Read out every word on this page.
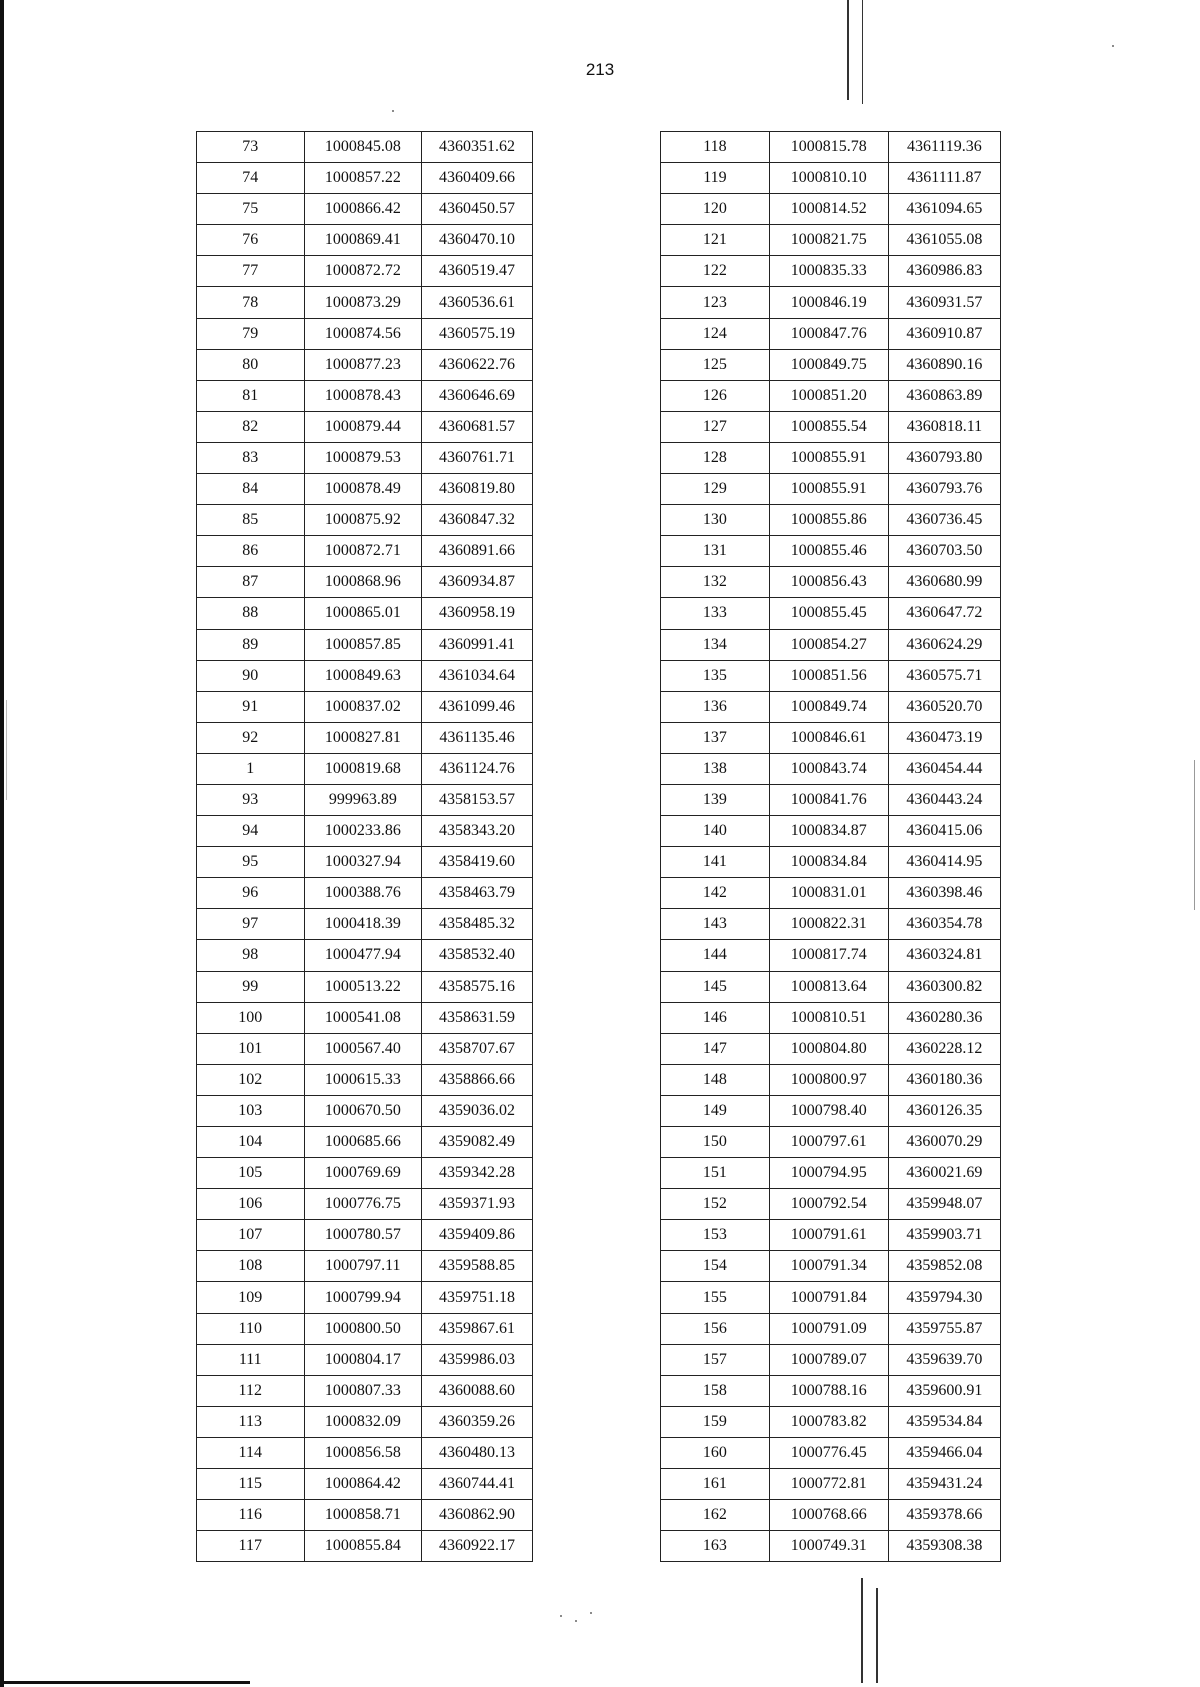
213
73	1000845.08	4360351.62
74	1000857.22	4360409.66
75	1000866.42	4360450.57
76	1000869.41	4360470.10
77	1000872.72	4360519.47
78	1000873.29	4360536.61
79	1000874.56	4360575.19
80	1000877.23	4360622.76
81	1000878.43	4360646.69
82	1000879.44	4360681.57
83	1000879.53	4360761.71
84	1000878.49	4360819.80
85	1000875.92	4360847.32
86	1000872.71	4360891.66
87	1000868.96	4360934.87
88	1000865.01	4360958.19
89	1000857.85	4360991.41
90	1000849.63	4361034.64
91	1000837.02	4361099.46
92	1000827.81	4361135.46
1	1000819.68	4361124.76
93	999963.89	4358153.57
94	1000233.86	4358343.20
95	1000327.94	4358419.60
96	1000388.76	4358463.79
97	1000418.39	4358485.32
98	1000477.94	4358532.40
99	1000513.22	4358575.16
100	1000541.08	4358631.59
101	1000567.40	4358707.67
102	1000615.33	4358866.66
103	1000670.50	4359036.02
104	1000685.66	4359082.49
105	1000769.69	4359342.28
106	1000776.75	4359371.93
107	1000780.57	4359409.86
108	1000797.11	4359588.85
109	1000799.94	4359751.18
110	1000800.50	4359867.61
111	1000804.17	4359986.03
112	1000807.33	4360088.60
113	1000832.09	4360359.26
114	1000856.58	4360480.13
115	1000864.42	4360744.41
116	1000858.71	4360862.90
117	1000855.84	4360922.17
118	1000815.78	4361119.36
119	1000810.10	4361111.87
120	1000814.52	4361094.65
121	1000821.75	4361055.08
122	1000835.33	4360986.83
123	1000846.19	4360931.57
124	1000847.76	4360910.87
125	1000849.75	4360890.16
126	1000851.20	4360863.89
127	1000855.54	4360818.11
128	1000855.91	4360793.80
129	1000855.91	4360793.76
130	1000855.86	4360736.45
131	1000855.46	4360703.50
132	1000856.43	4360680.99
133	1000855.45	4360647.72
134	1000854.27	4360624.29
135	1000851.56	4360575.71
136	1000849.74	4360520.70
137	1000846.61	4360473.19
138	1000843.74	4360454.44
139	1000841.76	4360443.24
140	1000834.87	4360415.06
141	1000834.84	4360414.95
142	1000831.01	4360398.46
143	1000822.31	4360354.78
144	1000817.74	4360324.81
145	1000813.64	4360300.82
146	1000810.51	4360280.36
147	1000804.80	4360228.12
148	1000800.97	4360180.36
149	1000798.40	4360126.35
150	1000797.61	4360070.29
151	1000794.95	4360021.69
152	1000792.54	4359948.07
153	1000791.61	4359903.71
154	1000791.34	4359852.08
155	1000791.84	4359794.30
156	1000791.09	4359755.87
157	1000789.07	4359639.70
158	1000788.16	4359600.91
159	1000783.82	4359534.84
160	1000776.45	4359466.04
161	1000772.81	4359431.24
162	1000768.66	4359378.66
163	1000749.31	4359308.38
